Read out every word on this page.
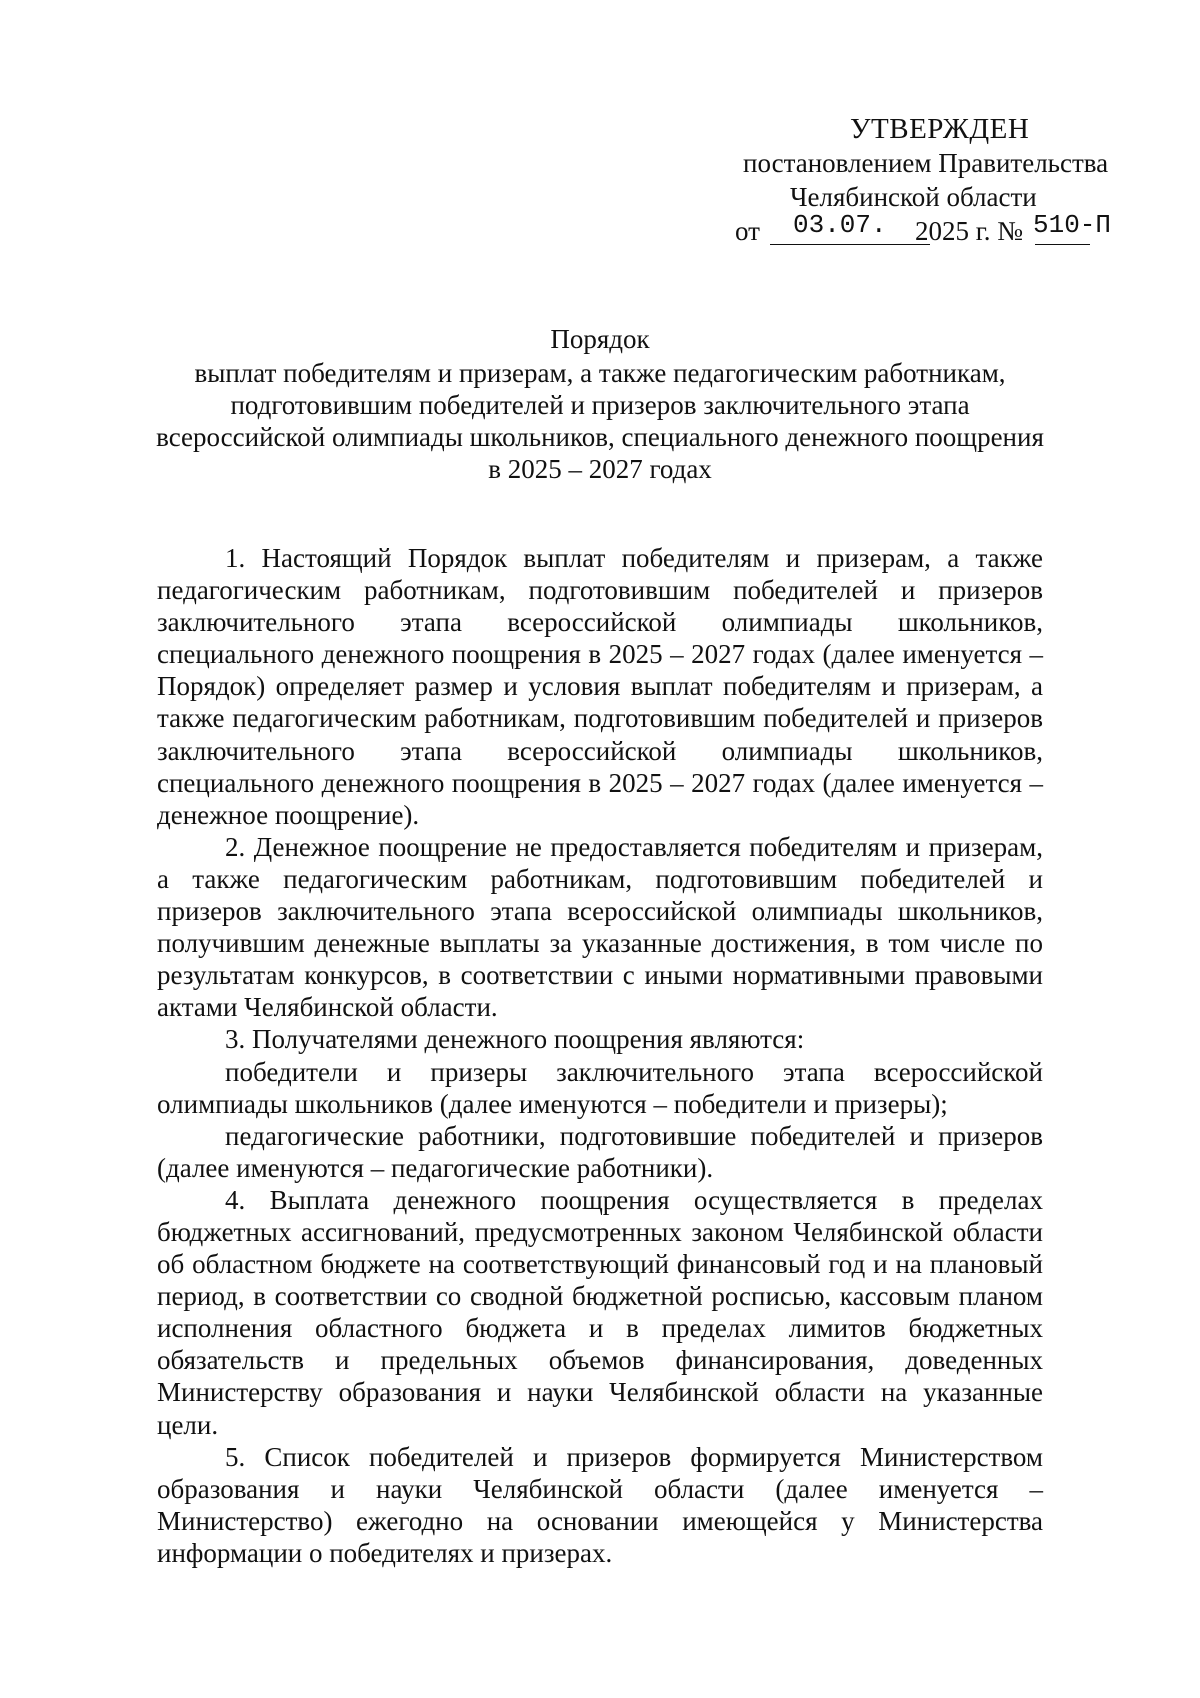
УТВЕРЖДЕН
постановлением Правительства
Челябинской области
от 03.07. 2025 г. № 510-П
Порядок
выплат победителям и призерам, а также педагогическим работникам, подготовившим победителей и призеров заключительного этапа всероссийской олимпиады школьников, специального денежного поощрения в 2025 – 2027 годах

1. Настоящий Порядок выплат победителям и призерам, а также педагогическим работникам, подготовившим победителей и призеров заключительного этапа всероссийской олимпиады школьников, специального денежного поощрения в 2025 – 2027 годах (далее именуется – Порядок) определяет размер и условия выплат победителям и призерам, а также педагогическим работникам, подготовившим победителей и призеров заключительного этапа всероссийской олимпиады школьников, специального денежного поощрения в 2025 – 2027 годах (далее именуется – денежное поощрение).

2. Денежное поощрение не предоставляется победителям и призерам, а также педагогическим работникам, подготовившим победителей и призеров заключительного этапа всероссийской олимпиады школьников, получившим денежные выплаты за указанные достижения, в том числе по результатам конкурсов, в соответствии с иными нормативными правовыми актами Челябинской области.

3. Получателями денежного поощрения являются:

победители и призеры заключительного этапа всероссийской олимпиады школьников (далее именуются – победители и призеры);

педагогические работники, подготовившие победителей и призеров (далее именуются – педагогические работники).

4. Выплата денежного поощрения осуществляется в пределах бюджетных ассигнований, предусмотренных законом Челябинской области об областном бюджете на соответствующий финансовый год и на плановый период, в соответствии со сводной бюджетной росписью, кассовым планом исполнения областного бюджета и в пределах лимитов бюджетных обязательств и предельных объемов финансирования, доведенных Министерству образования и науки Челябинской области на указанные цели.

5. Список победителей и призеров формируется Министерством образования и науки Челябинской области (далее именуется – Министерство) ежегодно на основании имеющейся у Министерства информации о победителях и призерах.
